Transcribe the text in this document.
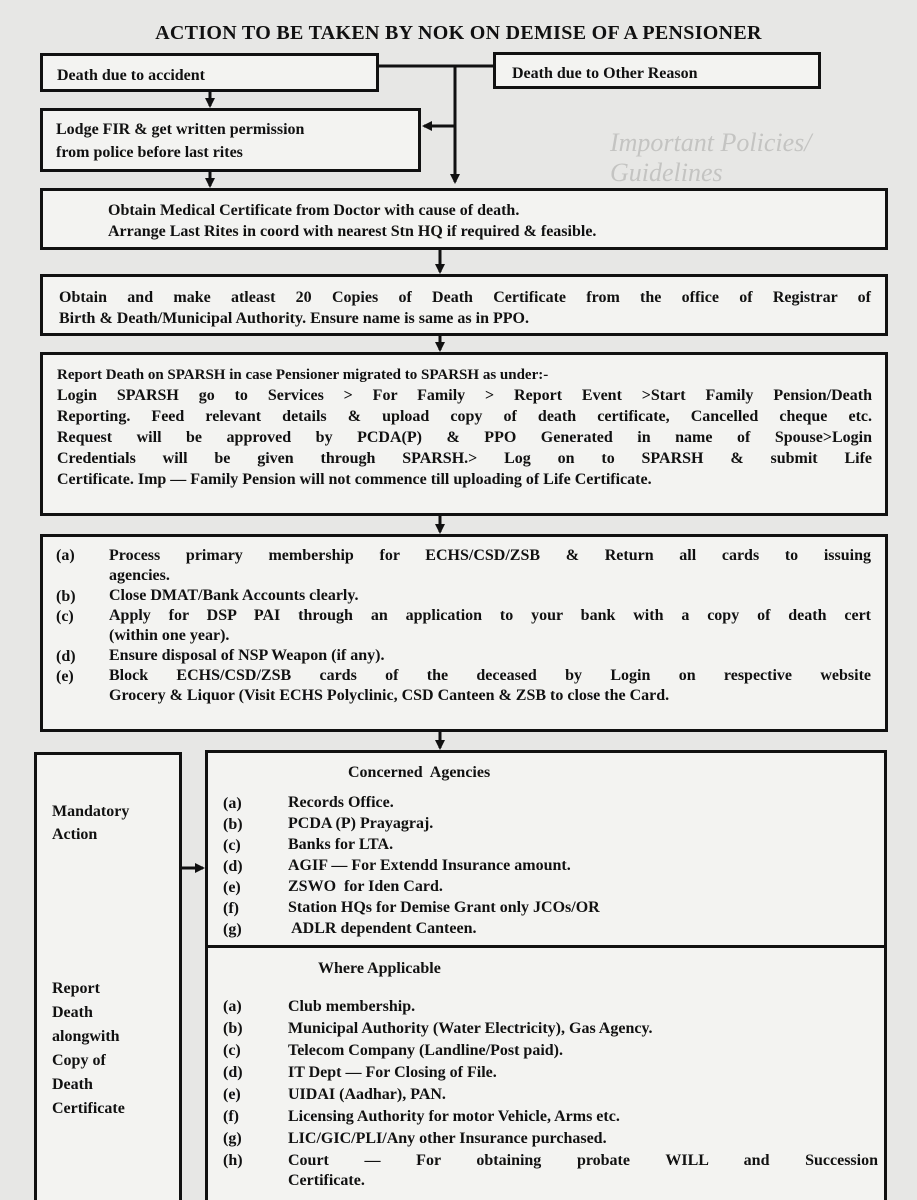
Important Policies/ Guidelines
ACTION TO BE TAKEN BY NOK ON DEMISE OF A PENSIONER
Death due to accident	Death due to Other Reason
Lodge FIR & get written permission
from police before last rites
Obtain Medical Certificate from Doctor with cause of death.
Arrange Last Rites in coord with nearest Stn HQ if required & feasible.
Obtain and make atleast 20 Copies of Death Certificate from the office of Registrar of
Birth & Death/Municipal Authority. Ensure name is same as in PPO.
Report Death on SPARSH in case Pensioner migrated to SPARSH as under:-
Login SPARSH go to Services > For Family > Report Event >Start Family Pension/Death
Reporting. Feed relevant details & upload copy of death certificate, Cancelled cheque etc.
Request will be approved by PCDA(P) & PPO Generated in name of Spouse>Login
Credentials will be given through SPARSH.> Log on to SPARSH & submit Life
Certificate. Imp — Family Pension will not commence till uploading of Life Certificate.
(a)	Process primary membership for ECHS/CSD/ZSB & Return all cards to issuing
agencies.
(b)	Close DMAT/Bank Accounts clearly.
(c)	Apply for DSP PAI through an application to your bank with a copy of death cert
(within one year).
(d)	Ensure disposal of NSP Weapon (if any).
(e)	Block ECHS/CSD/ZSB cards of the deceased by Login on respective website
Grocery & Liquor (Visit ECHS Polyclinic, CSD Canteen & ZSB to close the Card.
Mandatory
Action
Report
Death
alongwith
Copy of
Death
Certificate
Concerned  Agencies
(a)	Records Office.
(b)	PCDA (P) Prayagraj.
(c)	Banks for LTA.
(d)	AGIF — For Extendd Insurance amount.
(e)	ZSWO  for Iden Card.
(f)	Station HQs for Demise Grant only JCOs/OR
(g)	ADLR dependent Canteen.
Where Applicable
(a)	Club membership.
(b)	Municipal Authority (Water Electricity), Gas Agency.
(c)	Telecom Company (Landline/Post paid).
(d)	IT Dept — For Closing of File.
(e)	UIDAI (Aadhar), PAN.
(f)	Licensing Authority for motor Vehicle, Arms etc.
(g)	LIC/GIC/PLI/Any other Insurance purchased.
(h)	Court — For obtaining probate WILL and Succession
Certificate.
